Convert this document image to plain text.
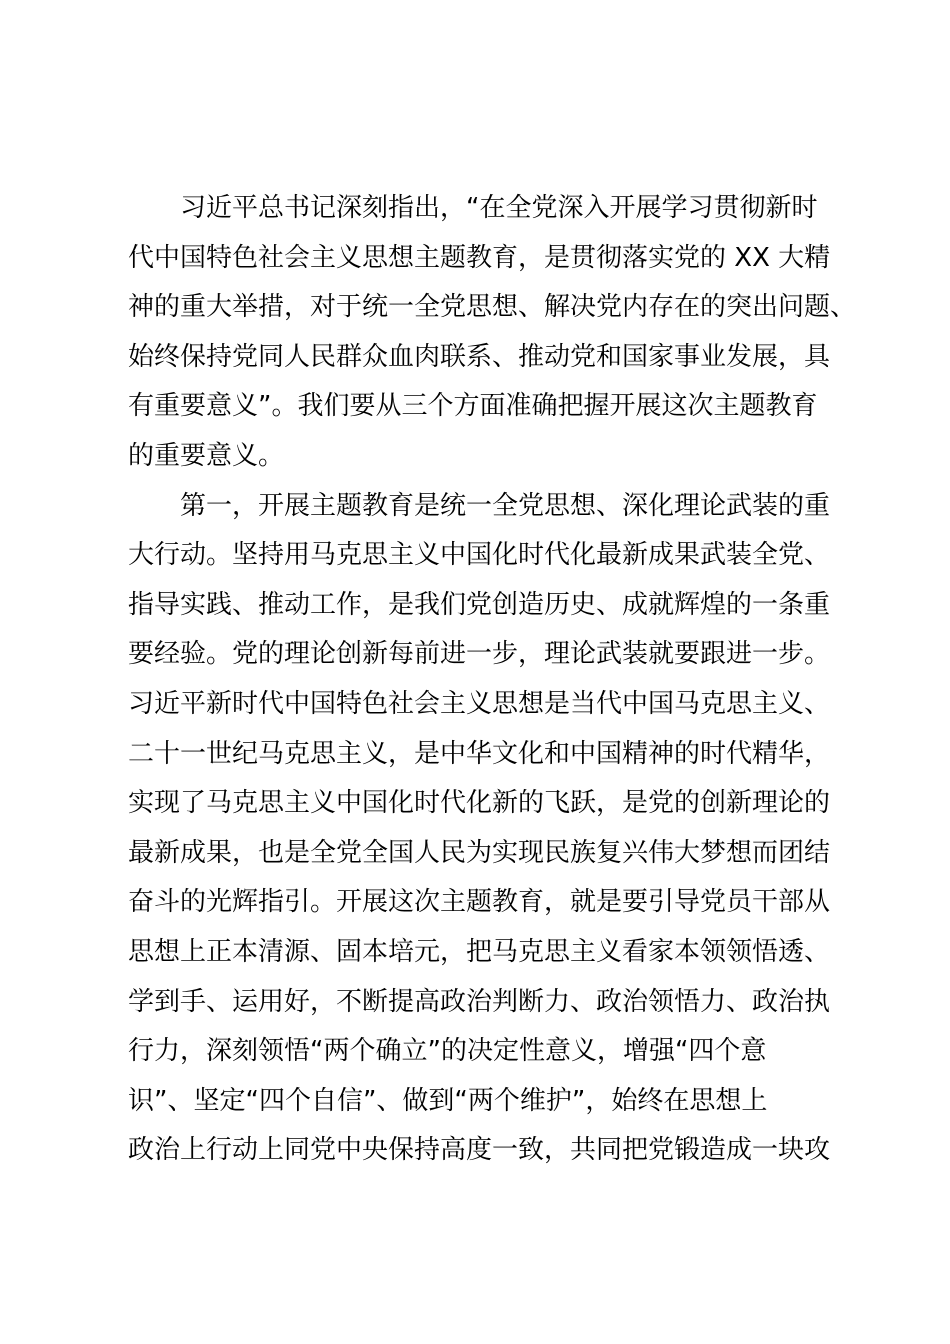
　　习近平总书记深刻指出，“在全党深入开展学习贯彻新时
代中国特色社会主义思想主题教育，是贯彻落实党的 XX 大精
神的重大举措，对于统一全党思想、解决党内存在的突出问题、
始终保持党同人民群众血肉联系、推动党和国家事业发展，具
有重要意义”。我们要从三个方面准确把握开展这次主题教育
的重要意义。

　　第一，开展主题教育是统一全党思想、深化理论武装的重
大行动。坚持用马克思主义中国化时代化最新成果武装全党、
指导实践、推动工作，是我们党创造历史、成就辉煌的一条重
要经验。党的理论创新每前进一步，理论武装就要跟进一步。
习近平新时代中国特色社会主义思想是当代中国马克思主义、
二十一世纪马克思主义，是中华文化和中国精神的时代精华，
实现了马克思主义中国化时代化新的飞跃，是党的创新理论的
最新成果，也是全党全国人民为实现民族复兴伟大梦想而团结
奋斗的光辉指引。开展这次主题教育，就是要引导党员干部从
思想上正本清源、固本培元，把马克思主义看家本领领悟透、
学到手、运用好，不断提高政治判断力、政治领悟力、政治执
行力，深刻领悟“两个确立”的决定性意义，增强“四个意
识”、坚定“四个自信”、做到“两个维护”，始终在思想上
政治上行动上同党中央保持高度一致，共同把党锻造成一块攻
